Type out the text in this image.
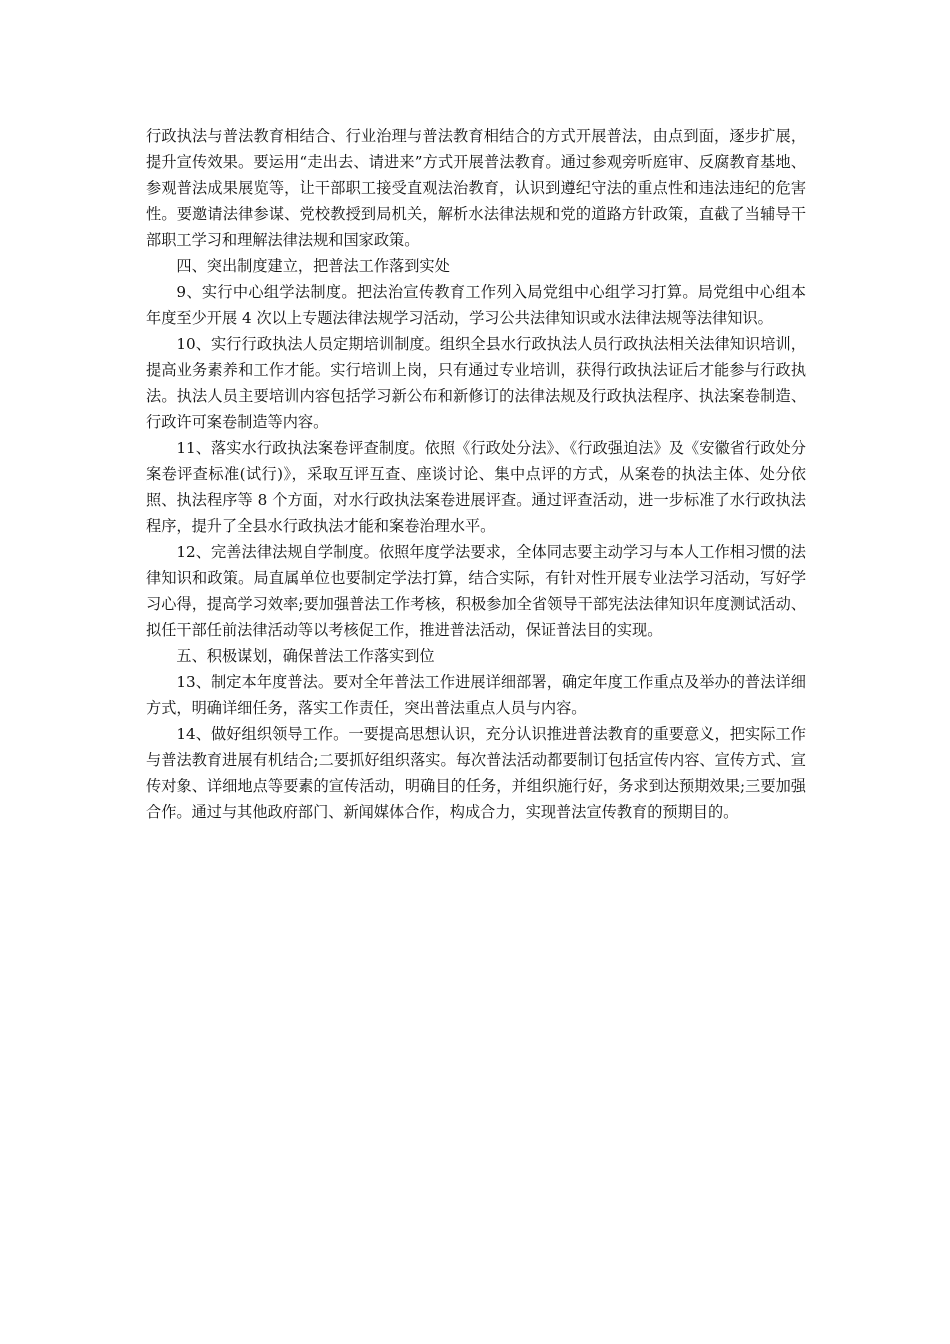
行政执法与普法教育相结合、行业治理与普法教育相结合的方式开展普法，由点到面，逐步扩展，提升宣传效果。要运用“走出去、请进来”方式开展普法教育。通过参观旁听庭审、反腐教育基地、参观普法成果展览等，让干部职工接受直观法治教育，认识到遵纪守法的重点性和违法违纪的危害性。要邀请法律参谋、党校教授到局机关，解析水法律法规和党的道路方针政策，直截了当辅导干部职工学习和理解法律法规和国家政策。

四、突出制度建立，把普法工作落到实处

9、实行中心组学法制度。把法治宣传教育工作列入局党组中心组学习打算。局党组中心组本年度至少开展 4 次以上专题法律法规学习活动，学习公共法律知识或水法律法规等法律知识。

10、实行行政执法人员定期培训制度。组织全县水行政执法人员行政执法相关法律知识培训，提高业务素养和工作才能。实行培训上岗，只有通过专业培训，获得行政执法证后才能参与行政执法。执法人员主要培训内容包括学习新公布和新修订的法律法规及行政执法程序、执法案卷制造、行政许可案卷制造等内容。

11、落实水行政执法案卷评查制度。依照《行政处分法》、《行政强迫法》及《安徽省行政处分案卷评查标准(试行)》，采取互评互查、座谈讨论、集中点评的方式，从案卷的执法主体、处分依照、执法程序等 8 个方面，对水行政执法案卷进展评查。通过评查活动，进一步标准了水行政执法程序，提升了全县水行政执法才能和案卷治理水平。

12、完善法律法规自学制度。依照年度学法要求，全体同志要主动学习与本人工作相习惯的法律知识和政策。局直属单位也要制定学法打算，结合实际，有针对性开展专业法学习活动，写好学习心得，提高学习效率;要加强普法工作考核，积极参加全省领导干部宪法法律知识年度测试活动、拟任干部任前法律活动等以考核促工作，推进普法活动，保证普法目的实现。

五、积极谋划，确保普法工作落实到位

13、制定本年度普法。要对全年普法工作进展详细部署，确定年度工作重点及举办的普法详细方式，明确详细任务，落实工作责任，突出普法重点人员与内容。

14、做好组织领导工作。一要提高思想认识，充分认识推进普法教育的重要意义，把实际工作与普法教育进展有机结合;二要抓好组织落实。每次普法活动都要制订包括宣传内容、宣传方式、宣传对象、详细地点等要素的宣传活动，明确目的任务，并组织施行好，务求到达预期效果;三要加强合作。通过与其他政府部门、新闻媒体合作，构成合力，实现普法宣传教育的预期目的。
